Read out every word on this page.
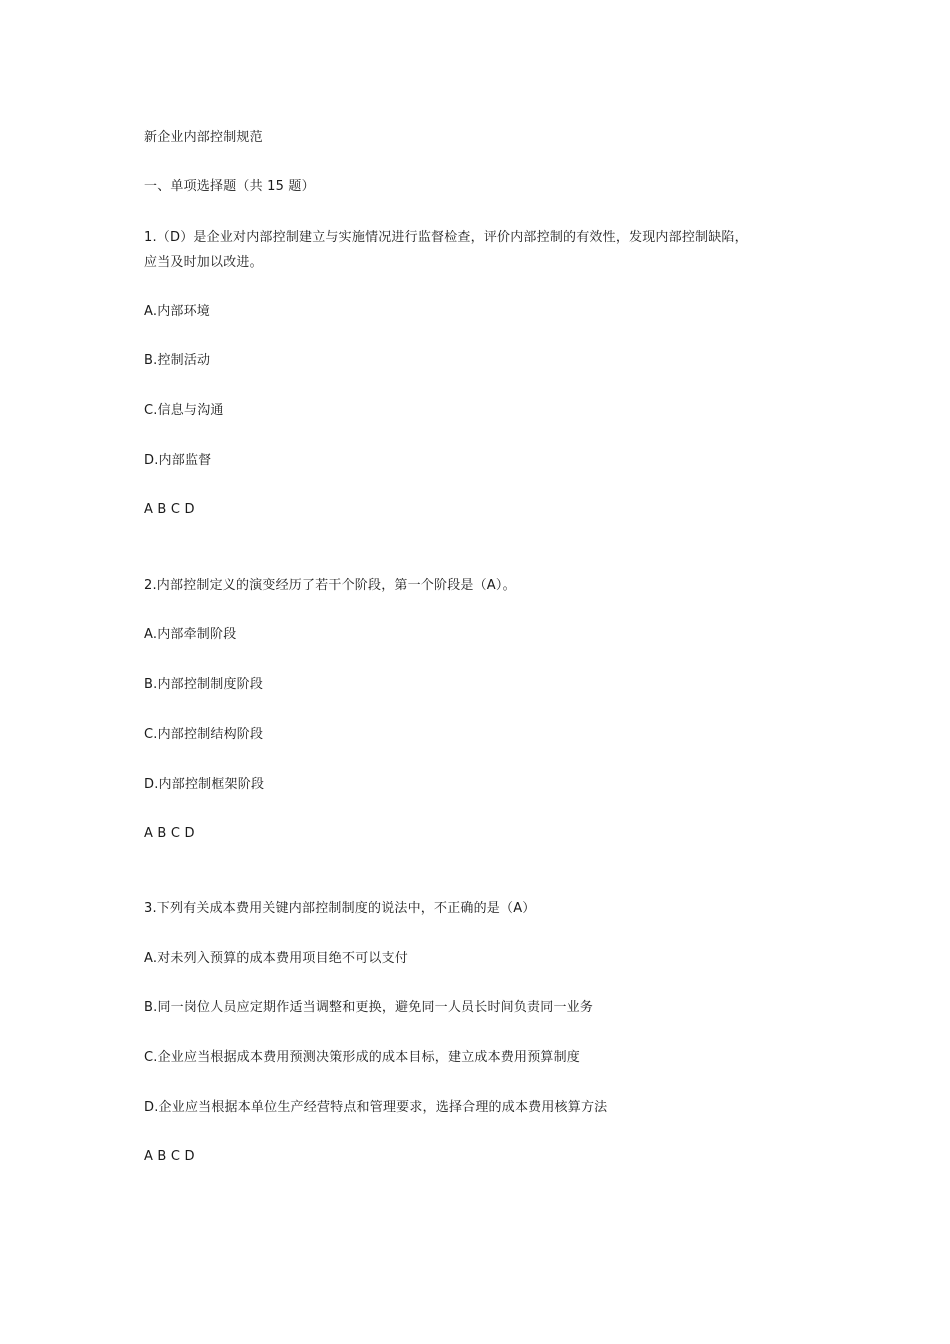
新企业内部控制规范
一、单项选择题（共 15 题）
1.（D）是企业对内部控制建立与实施情况进行监督检查，评价内部控制的有效性，发现内部控制缺陷，
应当及时加以改进。
A.内部环境
B.控制活动
C.信息与沟通
D.内部监督
A B C D
2.内部控制定义的演变经历了若干个阶段，第一个阶段是（A）。
A.内部牵制阶段
B.内部控制制度阶段
C.内部控制结构阶段
D.内部控制框架阶段
A B C D
3.下列有关成本费用关键内部控制制度的说法中，不正确的是（A）
A.对未列入预算的成本费用项目绝不可以支付
B.同一岗位人员应定期作适当调整和更换，避免同一人员长时间负责同一业务
C.企业应当根据成本费用预测决策形成的成本目标，建立成本费用预算制度
D.企业应当根据本单位生产经营特点和管理要求，选择合理的成本费用核算方法
A B C D
